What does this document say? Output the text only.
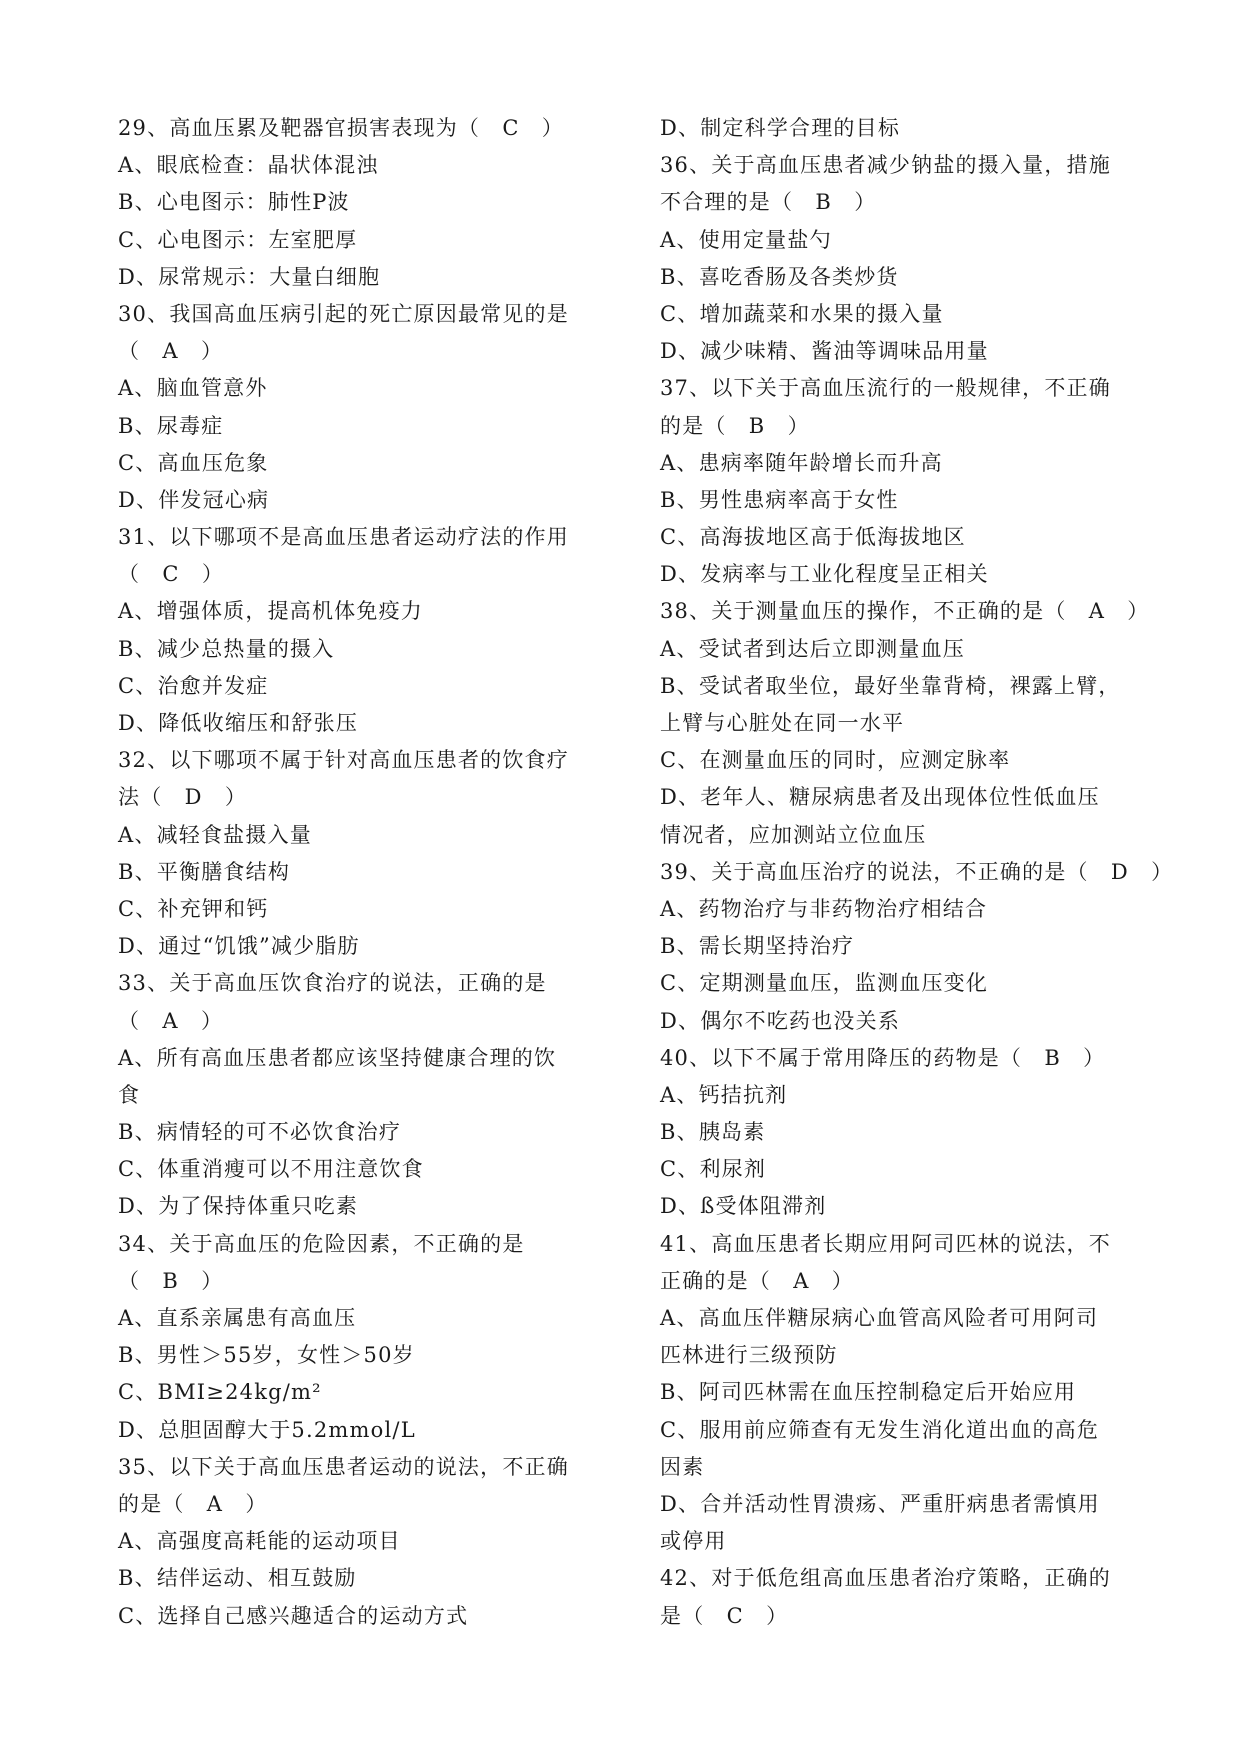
29、高血压累及靶器官损害表现为（　C　）
A、眼底检查：晶状体混浊
B、心电图示：肺性P波
C、心电图示：左室肥厚
D、尿常规示：大量白细胞
30、我国高血压病引起的死亡原因最常见的是
（　A　）
A、脑血管意外
B、尿毒症
C、高血压危象
D、伴发冠心病
31、以下哪项不是高血压患者运动疗法的作用
（　C　）
A、增强体质，提高机体免疫力
B、减少总热量的摄入
C、治愈并发症
D、降低收缩压和舒张压
32、以下哪项不属于针对高血压患者的饮食疗
法（　D　）
A、减轻食盐摄入量
B、平衡膳食结构
C、补充钾和钙
D、通过“饥饿”减少脂肪
33、关于高血压饮食治疗的说法，正确的是
（　A　）
A、所有高血压患者都应该坚持健康合理的饮
食
B、病情轻的可不必饮食治疗
C、体重消瘦可以不用注意饮食
D、为了保持体重只吃素
34、关于高血压的危险因素，不正确的是
（　B　）
A、直系亲属患有高血压
B、男性＞55岁，女性＞50岁
C、BMI≥24kg/m²
D、总胆固醇大于5.2mmol/L
35、以下关于高血压患者运动的说法，不正确
的是（　A　）
A、高强度高耗能的运动项目
B、结伴运动、相互鼓励
C、选择自己感兴趣适合的运动方式
D、制定科学合理的目标
36、关于高血压患者减少钠盐的摄入量，措施
不合理的是（　B　）
A、使用定量盐勺
B、喜吃香肠及各类炒货
C、增加蔬菜和水果的摄入量
D、减少味精、酱油等调味品用量
37、以下关于高血压流行的一般规律，不正确
的是（　B　）
A、患病率随年龄增长而升高
B、男性患病率高于女性
C、高海拔地区高于低海拔地区
D、发病率与工业化程度呈正相关
38、关于测量血压的操作，不正确的是（　A　）
A、受试者到达后立即测量血压
B、受试者取坐位，最好坐靠背椅，裸露上臂，
上臂与心脏处在同一水平
C、在测量血压的同时，应测定脉率
D、老年人、糖尿病患者及出现体位性低血压
情况者，应加测站立位血压
39、关于高血压治疗的说法，不正确的是（　D　）
A、药物治疗与非药物治疗相结合
B、需长期坚持治疗
C、定期测量血压，监测血压变化
D、偶尔不吃药也没关系
40、以下不属于常用降压的药物是（　B　）
A、钙拮抗剂
B、胰岛素
C、利尿剂
D、ß受体阻滞剂
41、高血压患者长期应用阿司匹林的说法，不
正确的是（　A　）
A、高血压伴糖尿病心血管高风险者可用阿司
匹林进行三级预防
B、阿司匹林需在血压控制稳定后开始应用
C、服用前应筛查有无发生消化道出血的高危
因素
D、合并活动性胃溃疡、严重肝病患者需慎用
或停用
42、对于低危组高血压患者治疗策略，正确的
是（　C　）
